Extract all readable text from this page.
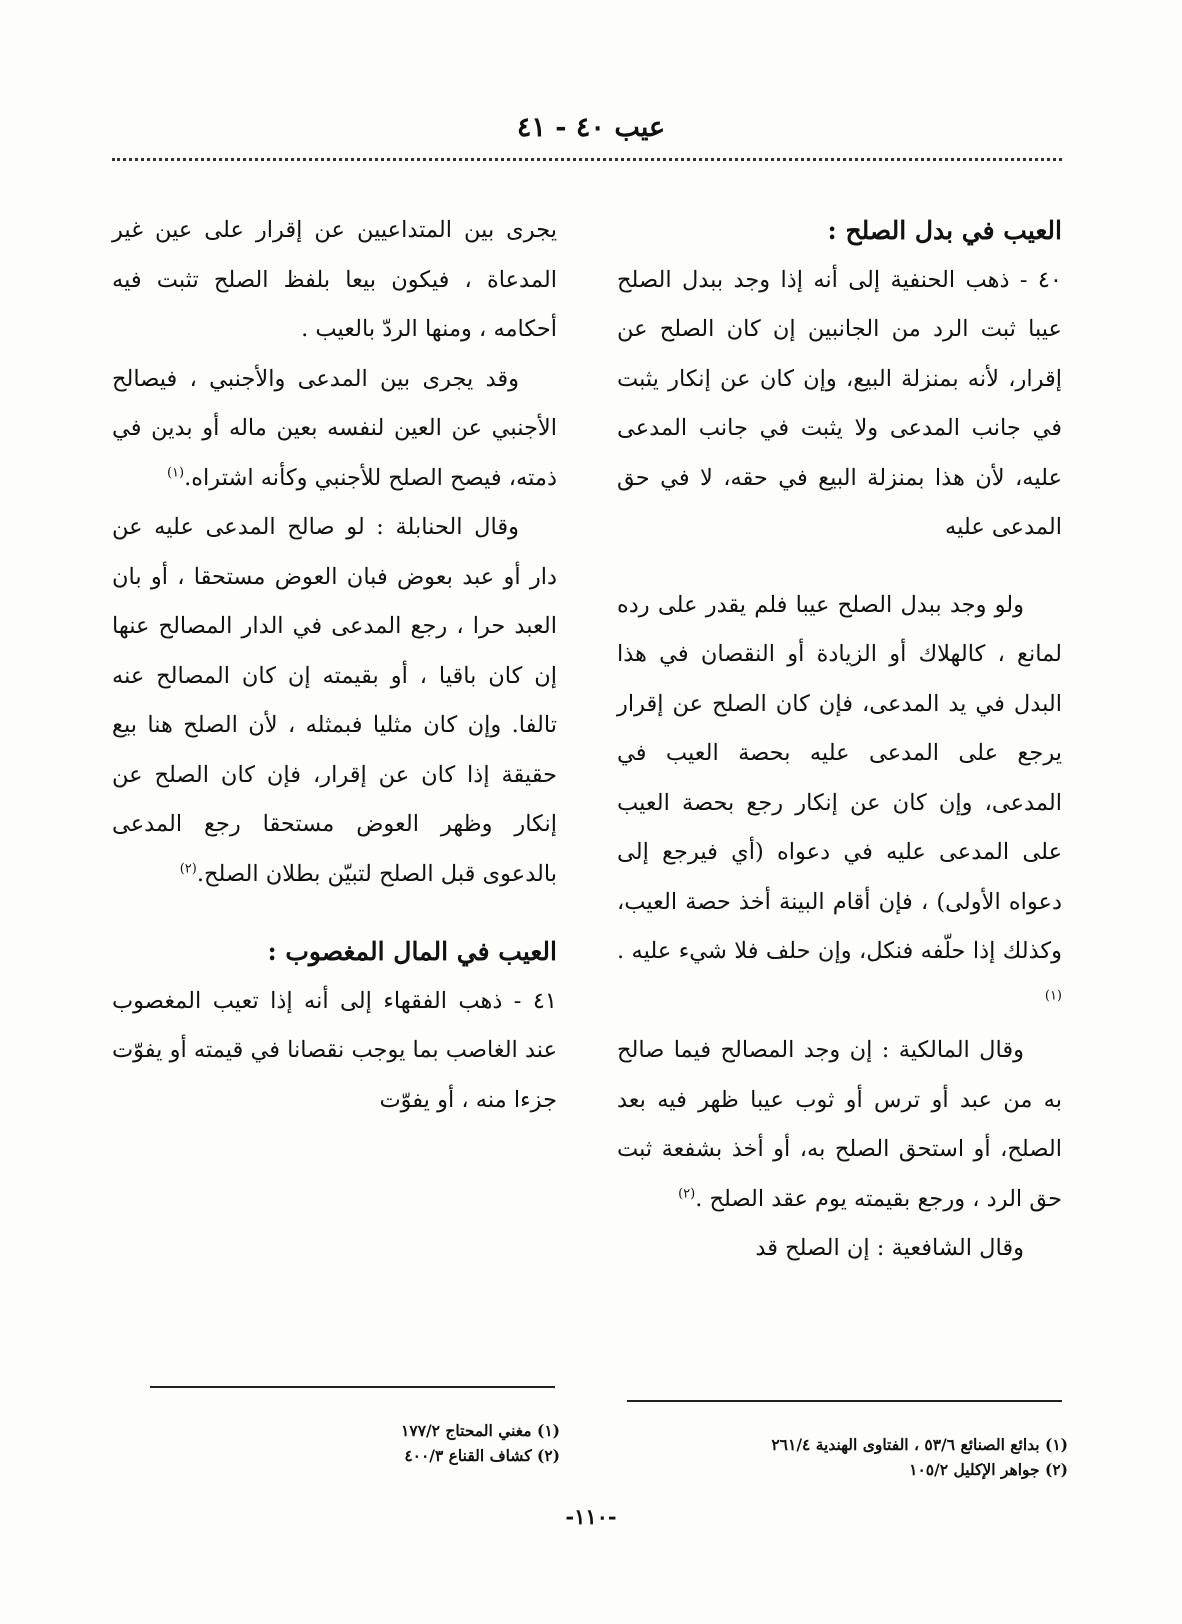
عيب ٤٠ - ٤١

العيب في بدل الصلح :

٤٠ - ذهب الحنفية إلى أنه إذا وجد ببدل الصلح عيبا ثبت الرد من الجانبين إن كان الصلح عن إقرار، لأنه بمنزلة البيع، وإن كان عن إنكار يثبت في جانب المدعى ولا يثبت في جانب المدعى عليه، لأن هذا بمنزلة البيع في حقه، لا في حق المدعى عليه

ولو وجد ببدل الصلح عيبا فلم يقدر على رده لمانع ، كالهلاك أو الزيادة أو النقصان في هذا البدل في يد المدعى، فإن كان الصلح عن إقرار يرجع على المدعى عليه بحصة العيب في المدعى، وإن كان عن إنكار رجع بحصة العيب على المدعى عليه في دعواه (أي فيرجع إلى دعواه الأولى) ، فإن أقام البينة أخذ حصة العيب، وكذلك إذا حلّفه فنكل، وإن حلف فلا شيء عليه .$^{(١)}$

وقال المالكية : إن وجد المصالح فيما صالح به من عبد أو ترس أو ثوب عيبا ظهر فيه بعد الصلح، أو استحق الصلح به، أو أخذ بشفعة ثبت حق الرد ، ورجع بقيمته يوم عقد الصلح .$^{(٢)}$

وقال الشافعية : إن الصلح قد

يجرى بين المتداعيين عن إقرار على عين غير المدعاة ، فيكون بيعا بلفظ الصلح تثبت فيه أحكامه ، ومنها الردّ بالعيب .

وقد يجرى بين المدعى والأجنبي ، فيصالح الأجنبي عن العين لنفسه بعين ماله أو بدين في ذمته، فيصح الصلح للأجنبي وكأنه اشتراه.$^{(١)}$

وقال الحنابلة : لو صالح المدعى عليه عن دار أو عبد بعوض فبان العوض مستحقا ، أو بان العبد حرا ، رجع المدعى في الدار المصالح عنها إن كان باقيا ، أو بقيمته إن كان المصالح عنه تالفا. وإن كان مثليا فبمثله ، لأن الصلح هنا بيع حقيقة إذا كان عن إقرار، فإن كان الصلح عن إنكار وظهر العوض مستحقا رجع المدعى بالدعوى قبل الصلح لتبيّن بطلان الصلح.$^{(٢)}$

العيب في المال المغصوب :

٤١ - ذهب الفقهاء إلى أنه إذا تعيب المغصوب عند الغاصب بما يوجب نقصانا في قيمته أو يفوّت جزءا منه ، أو يفوّت

(١) بدائع الصنائع ٥٣/٦ ، الفتاوى الهندية ٢٦١/٤

(٢) جواهر الإكليل ١٠٥/٢

(١) مغني المحتاج ١٧٧/٢

(٢) كشاف القناع ٤٠٠/٣

-١١٠-
